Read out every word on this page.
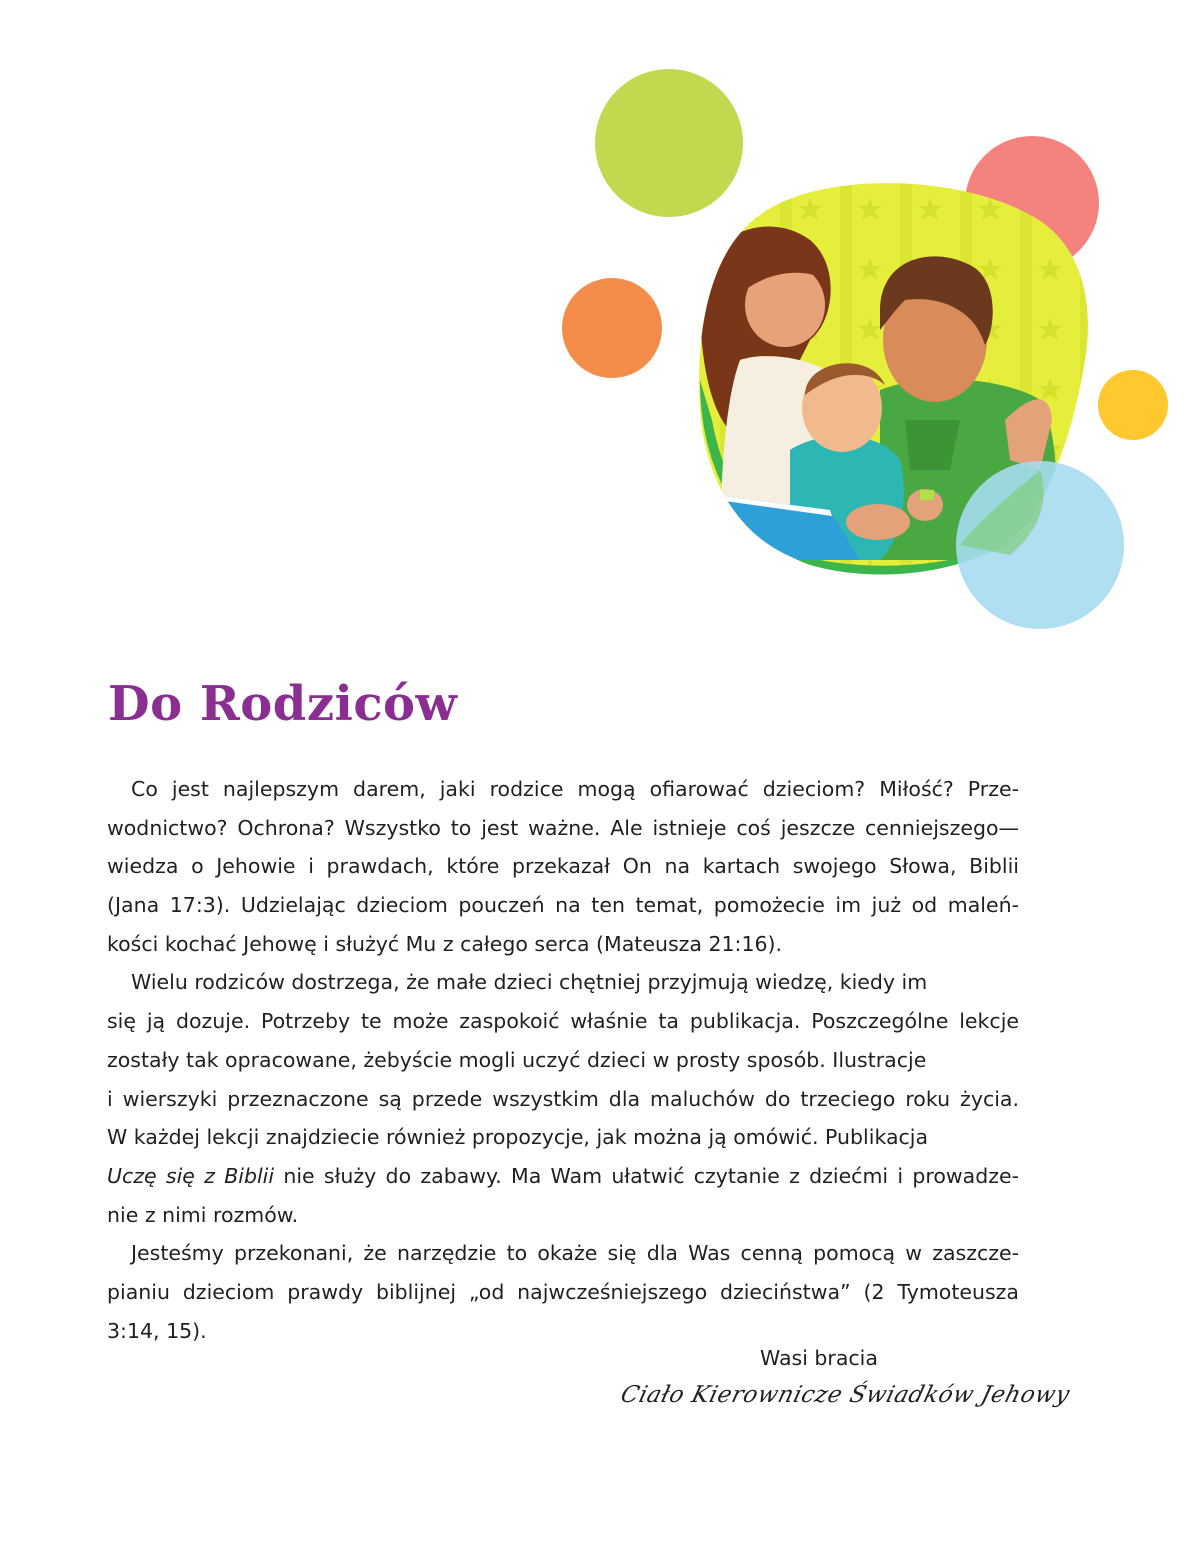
Do Rodziców
Co jest najlepszym darem, jaki rodzice mogą ofiarować dzieciom? Miłość? Prze-
wodnictwo? Ochrona? Wszystko to jest ważne. Ale istnieje coś jeszcze cenniejszego—
wiedza o Jehowie i prawdach, które przekazał On na kartach swojego Słowa, Biblii
(Jana 17:3). Udzielając dzieciom pouczeń na ten temat, pomożecie im już od maleń-
kości kochać Jehowę i służyć Mu z całego serca (Mateusza 21:16).
Wielu rodziców dostrzega, że małe dzieci chętniej przyjmują wiedzę, kiedy im
się ją dozuje. Potrzeby te może zaspokoić właśnie ta publikacja. Poszczególne lekcje
zostały tak opracowane, żebyście mogli uczyć dzieci w prosty sposób. Ilustracje
i wierszyki przeznaczone są przede wszystkim dla maluchów do trzeciego roku życia.
W każdej lekcji znajdziecie również propozycje, jak można ją omówić. Publikacja
Uczę się z Biblii nie służy do zabawy. Ma Wam ułatwić czytanie z dziećmi i prowadze-
nie z nimi rozmów.
Jesteśmy przekonani, że narzędzie to okaże się dla Was cenną pomocą w zaszcze-
pianiu dzieciom prawdy biblijnej „od najwcześniejszego dzieciństwa” (2 Tymoteusza
3:14, 15).
Wasi bracia
Ciało Kierownicze Świadków Jehowy
